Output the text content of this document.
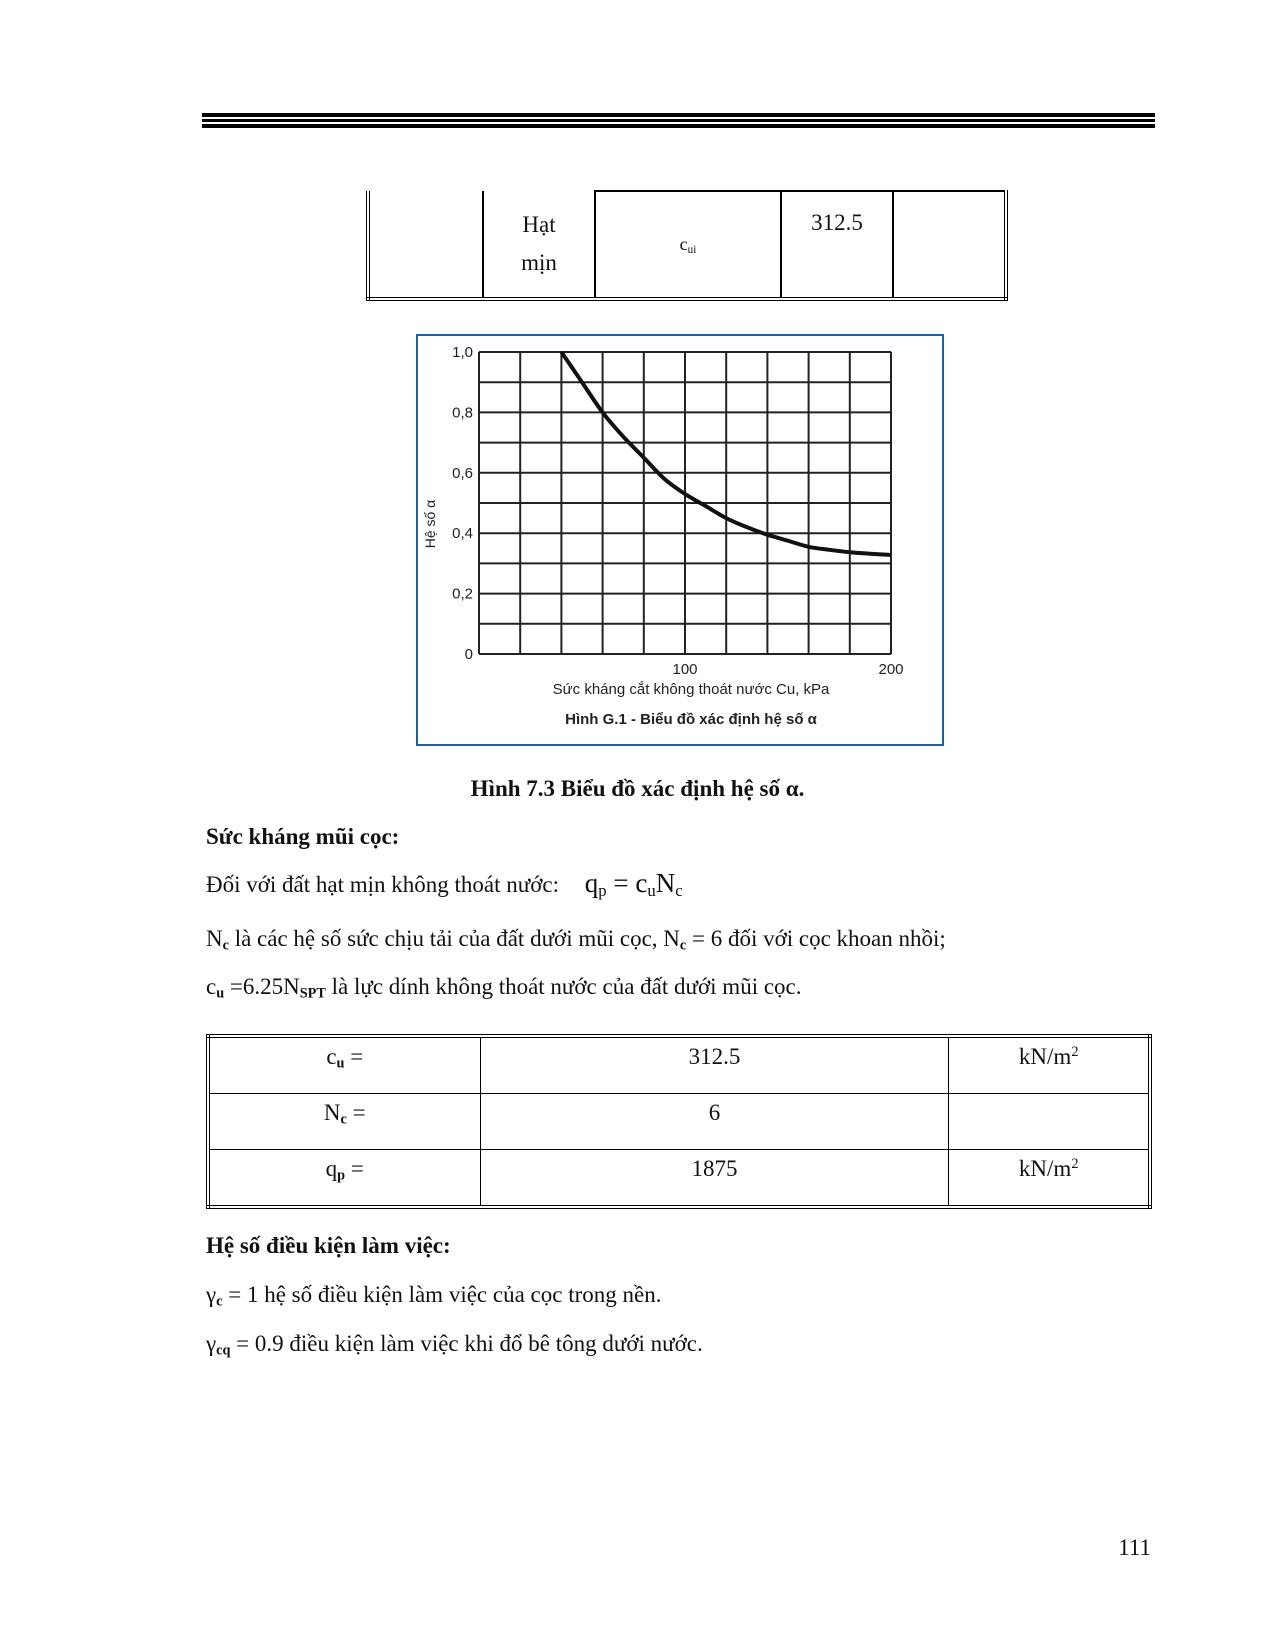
	Hạt mịn	$c_{ui}$	312.5	
0
0,2
0,4
0,6
0,8
1,0
100	200
Hệ số α
Sức kháng cắt không thoát nước Cu, kPa
Hình G.1 - Biểu đồ xác định hệ số α
Hình 7.3 Biểu đồ xác định hệ số α.
Sức kháng mũi cọc:
Đối với đất hạt mịn không thoát nước: $q_p = c_uN_c$
$N_c$ là các hệ số sức chịu tải của đất dưới mũi cọc, $N_c = 6$ đối với cọc khoan nhồi;
$c_u =6.25N_{SPT}$ là lực dính không thoát nước của đất dưới mũi cọc.
$c_u$ =	312.5	$kN/m^2$
$N_c$ =	6	
$q_p$ =	1875	$kN/m^2$
Hệ số điều kiện làm việc:
$\gamma_c = 1$ hệ số điều kiện làm việc của cọc trong nền.
$\gamma_{cq} = 0.9$ điều kiện làm việc khi đổ bê tông dưới nước.
111
